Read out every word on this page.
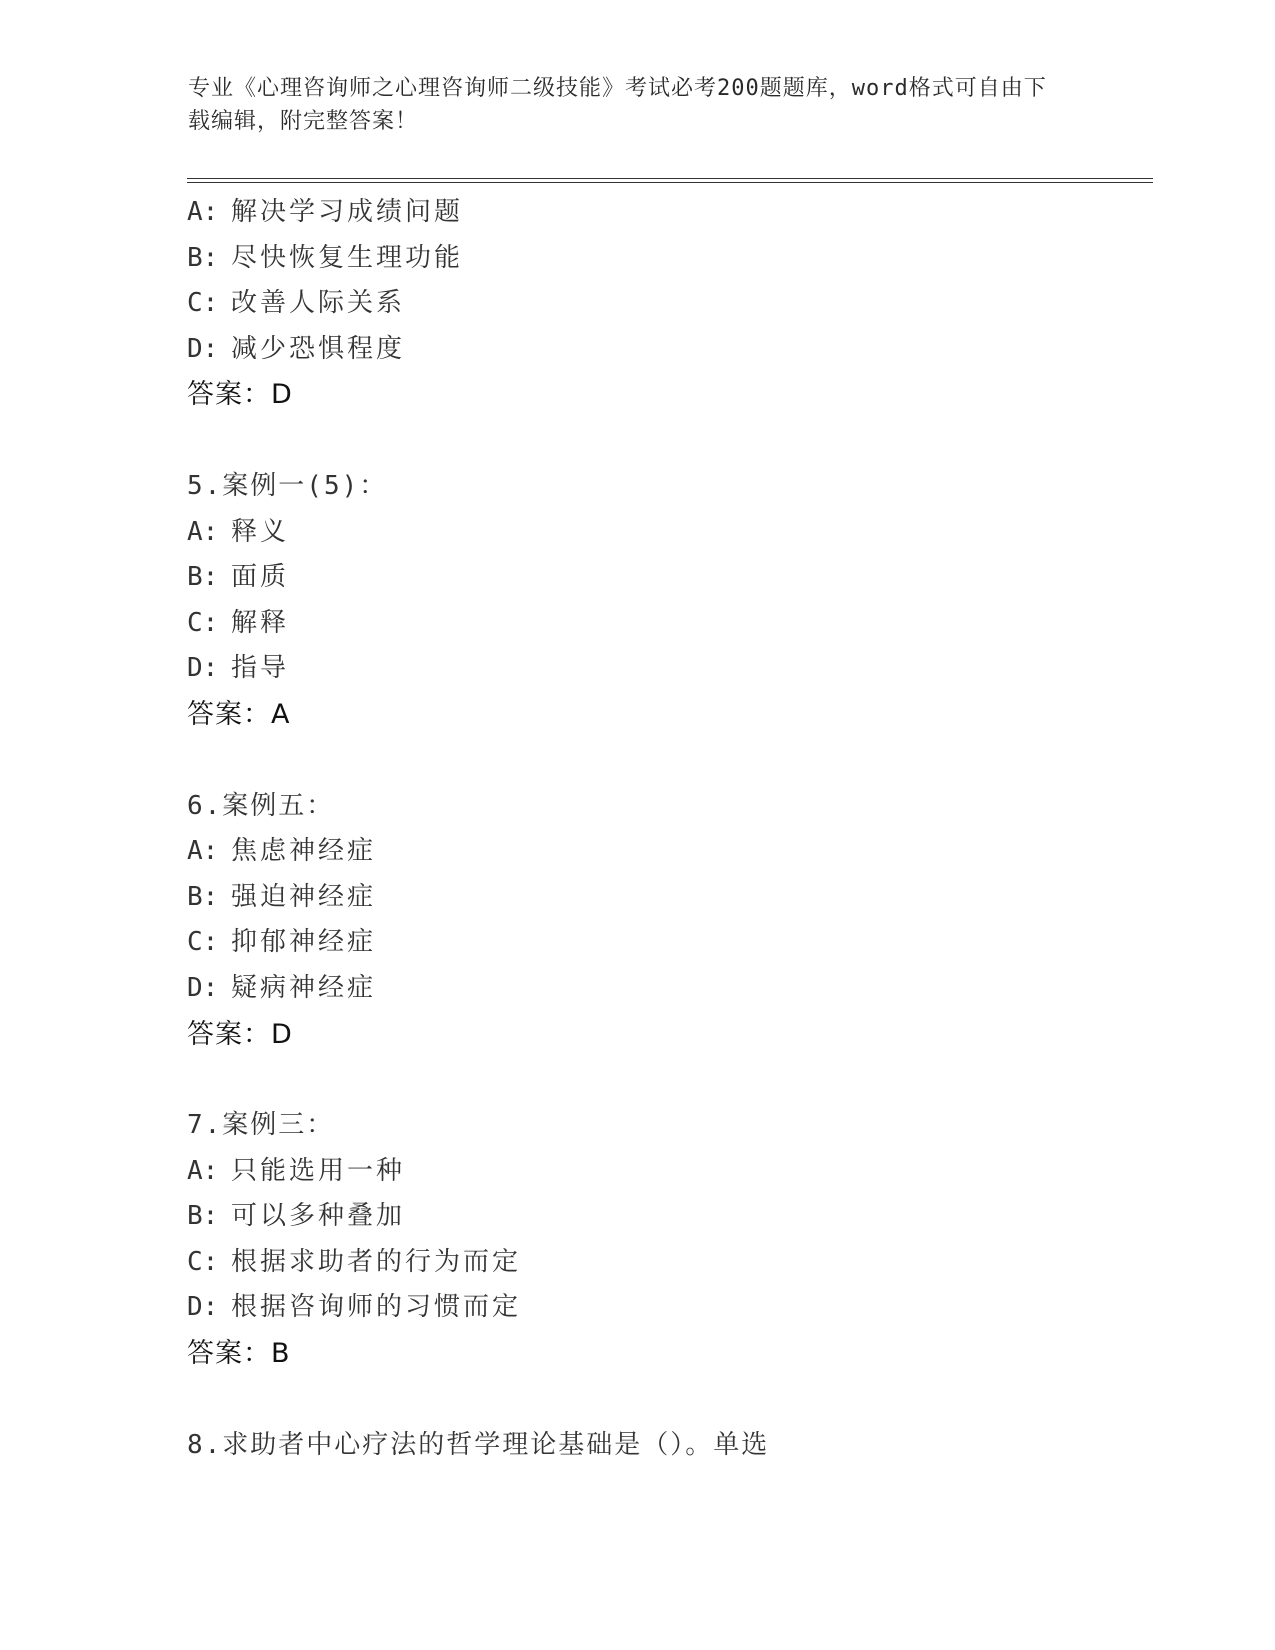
专业《心理咨询师之心理咨询师二级技能》考试必考200题题库，word格式可自由下载编辑，附完整答案！
A: 解决学习成绩问题
B: 尽快恢复生理功能
C: 改善人际关系
D: 减少恐惧程度
答案：D
5.案例一(5)：
A: 释义
B: 面质
C: 解释
D: 指导
答案：A
6.案例五：
A: 焦虑神经症
B: 强迫神经症
C: 抑郁神经症
D: 疑病神经症
答案：D
7.案例三：
A: 只能选用一种
B: 可以多种叠加
C: 根据求助者的行为而定
D: 根据咨询师的习惯而定
答案：B
8.求助者中心疗法的哲学理论基础是（）。单选
